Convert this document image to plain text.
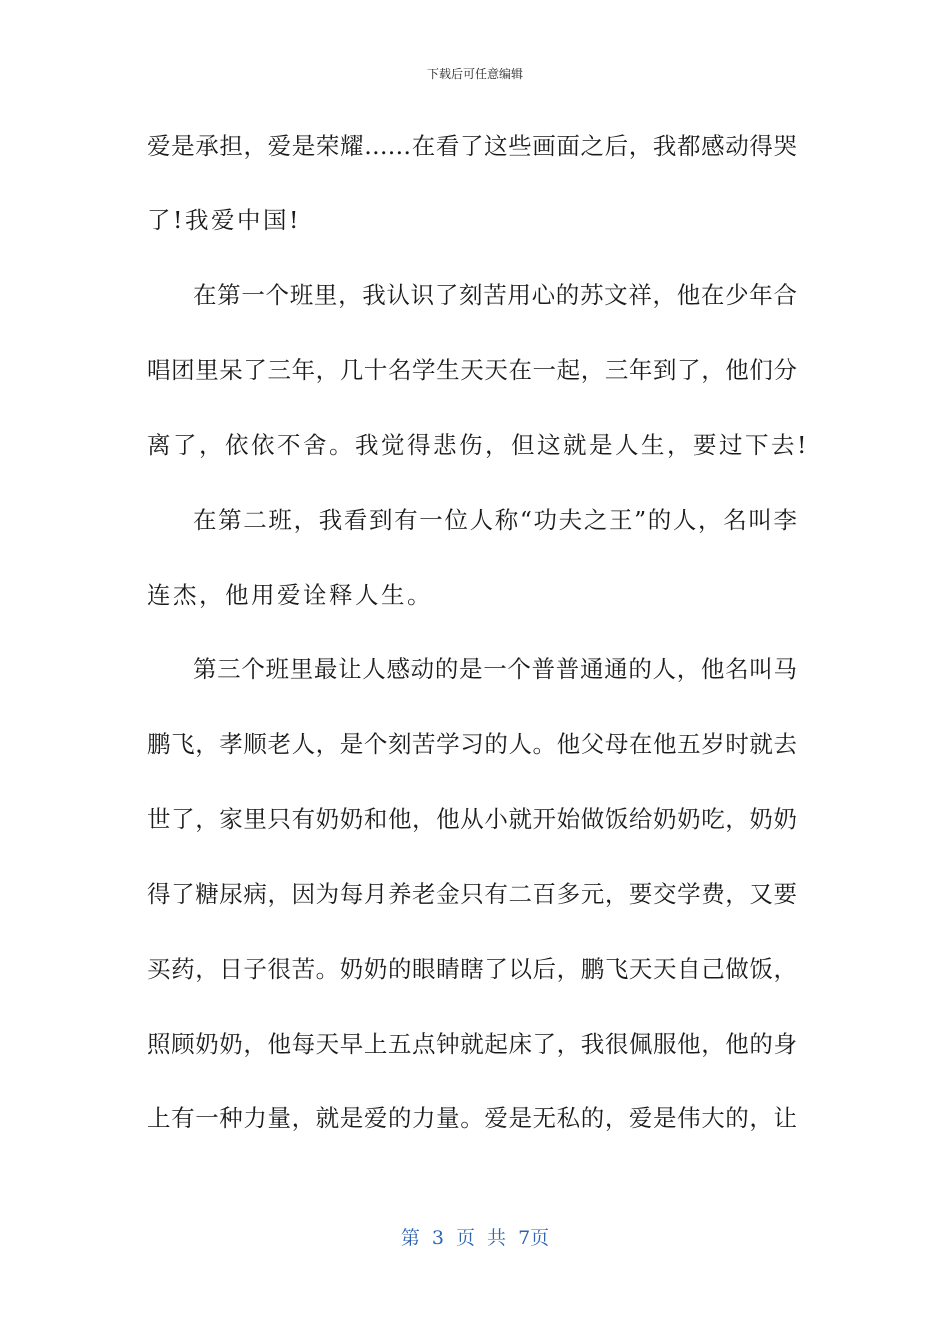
下载后可任意编辑
爱是承担，爱是荣耀……在看了这些画面之后，我都感动得哭
了!我爱中国!
在第一个班里，我认识了刻苦用心的苏文祥，他在少年合
唱团里呆了三年，几十名学生天天在一起，三年到了，他们分
离了，依依不舍。我觉得悲伤，但这就是人生，要过下去!
在第二班，我看到有一位人称“功夫之王”的人，名叫李
连杰，他用爱诠释人生。
第三个班里最让人感动的是一个普普通通的人，他名叫马
鹏飞，孝顺老人，是个刻苦学习的人。他父母在他五岁时就去
世了，家里只有奶奶和他，他从小就开始做饭给奶奶吃，奶奶
得了糖尿病，因为每月养老金只有二百多元，要交学费，又要
买药，日子很苦。奶奶的眼睛瞎了以后，鹏飞天天自己做饭，
照顾奶奶，他每天早上五点钟就起床了，我很佩服他，他的身
上有一种力量，就是爱的力量。爱是无私的，爱是伟大的，让
第 3 页 共 7页
